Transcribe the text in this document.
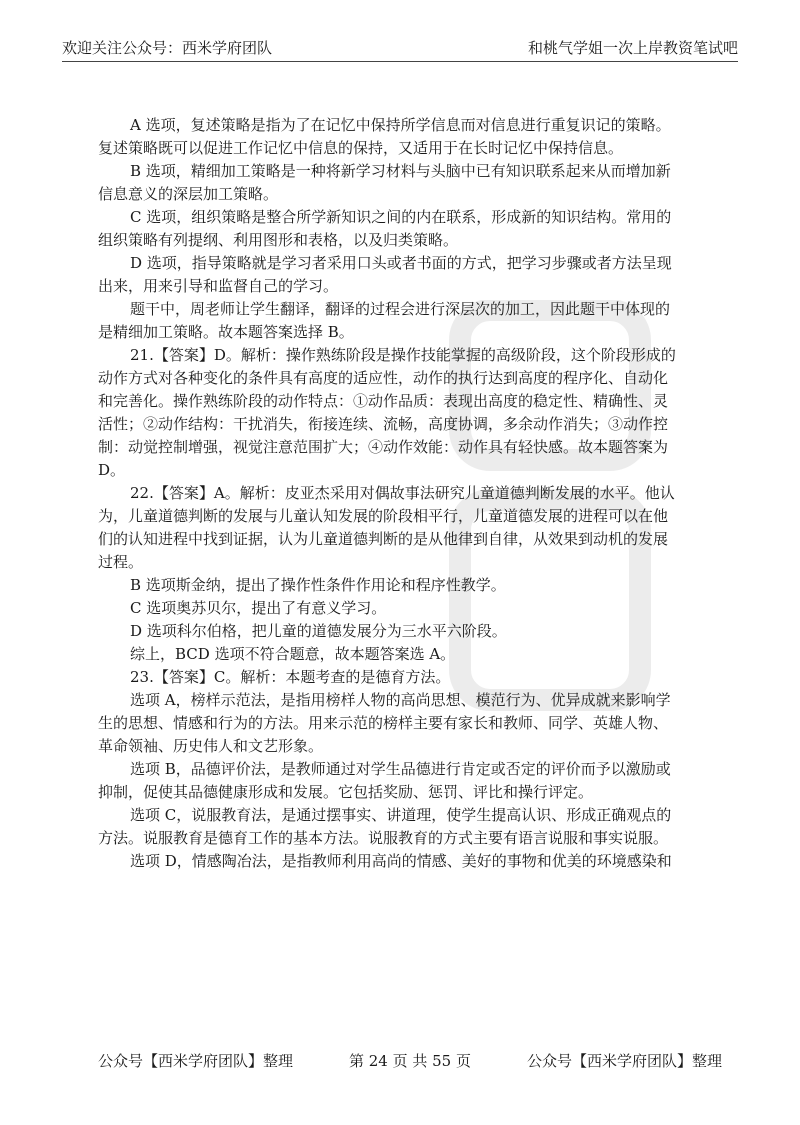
欢迎关注公众号：西米学府团队	和桃气学姐一次上岸教资笔试吧
A 选项，复述策略是指为了在记忆中保持所学信息而对信息进行重复识记的策略。
复述策略既可以促进工作记忆中信息的保持，又适用于在长时记忆中保持信息。
B 选项，精细加工策略是一种将新学习材料与头脑中已有知识联系起来从而增加新
信息意义的深层加工策略。
C 选项，组织策略是整合所学新知识之间的内在联系，形成新的知识结构。常用的
组织策略有列提纲、利用图形和表格，以及归类策略。
D 选项，指导策略就是学习者采用口头或者书面的方式，把学习步骤或者方法呈现
出来，用来引导和监督自己的学习。
题干中，周老师让学生翻译，翻译的过程会进行深层次的加工，因此题干中体现的
是精细加工策略。故本题答案选择 B。
21.【答案】D。解析：操作熟练阶段是操作技能掌握的高级阶段，这个阶段形成的
动作方式对各种变化的条件具有高度的适应性，动作的执行达到高度的程序化、自动化
和完善化。操作熟练阶段的动作特点：①动作品质：表现出高度的稳定性、精确性、灵
活性；②动作结构：干扰消失，衔接连续、流畅，高度协调，多余动作消失；③动作控
制：动觉控制增强，视觉注意范围扩大；④动作效能：动作具有轻快感。故本题答案为
D。
22.【答案】A。解析：皮亚杰采用对偶故事法研究儿童道德判断发展的水平。他认
为，儿童道德判断的发展与儿童认知发展的阶段相平行，儿童道德发展的进程可以在他
们的认知进程中找到证据，认为儿童道德判断的是从他律到自律，从效果到动机的发展
过程。
B 选项斯金纳，提出了操作性条件作用论和程序性教学。
C 选项奥苏贝尔，提出了有意义学习。
D 选项科尔伯格，把儿童的道德发展分为三水平六阶段。
综上，BCD 选项不符合题意，故本题答案选 A。
23.【答案】C。解析：本题考查的是德育方法。
选项 A，榜样示范法，是指用榜样人物的高尚思想、模范行为、优异成就来影响学
生的思想、情感和行为的方法。用来示范的榜样主要有家长和教师、同学、英雄人物、
革命领袖、历史伟人和文艺形象。
选项 B，品德评价法，是教师通过对学生品德进行肯定或否定的评价而予以激励或
抑制，促使其品德健康形成和发展。它包括奖励、惩罚、评比和操行评定。
选项 C，说服教育法，是通过摆事实、讲道理，使学生提高认识、形成正确观点的
方法。说服教育是德育工作的基本方法。说服教育的方式主要有语言说服和事实说服。
选项 D，情感陶冶法，是指教师利用高尚的情感、美好的事物和优美的环境感染和
公众号【西米学府团队】整理	第 24 页 共 55 页	公众号【西米学府团队】整理
